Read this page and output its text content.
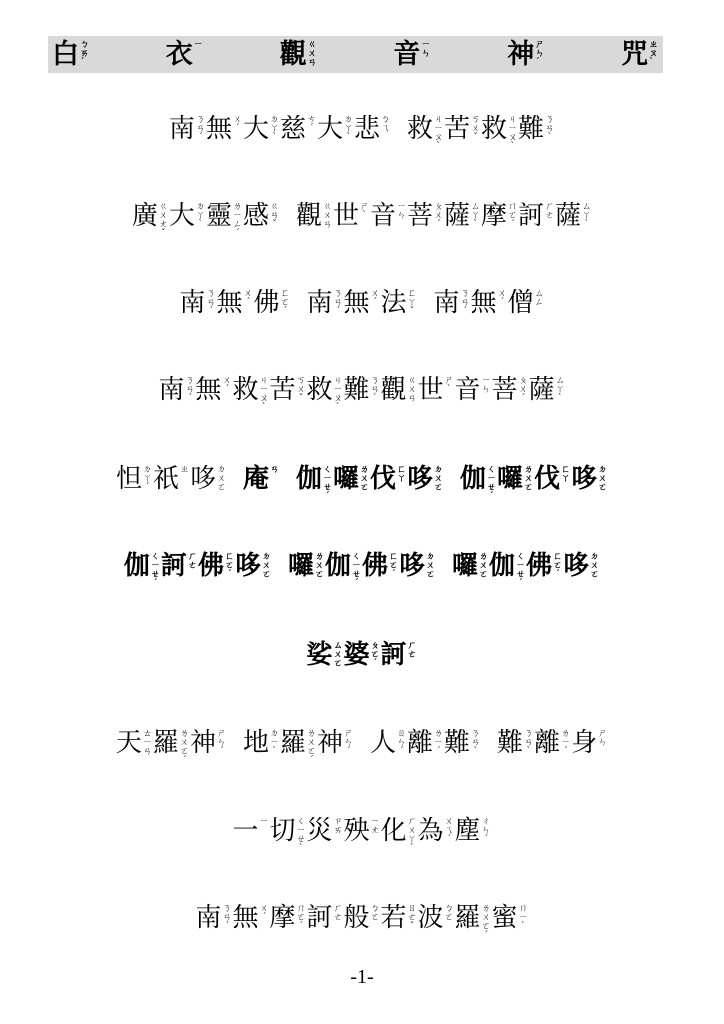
白ㄅㄞˊ	衣ㄧ	觀ㄍㄨㄢ	音ㄧㄣ	神ㄕㄣˊ	咒ㄓㄡˋ
南ㄋㄢˊ 無ㄨˊ 大ㄉㄚˋ 慈ㄘˊ 大ㄉㄚˋ 悲ㄅㄟ 救ㄐㄧㄡˋ苦ㄎㄨˇ 救ㄐㄧㄡˋ難ㄋㄢˋ
廣ㄍㄨㄤˇ大ㄉㄚˋ 靈ㄌㄧㄥˊ感ㄍㄢˇ 觀ㄍㄨㄢ世ㄕˋ 音ㄧㄣ菩ㄆㄨˊ 薩ㄙㄚˋ 摩ㄇㄛˊ 訶ㄏㄜ薩ㄙㄚˋ
南ㄋㄢˊ 無ㄨˊ 佛ㄈㄛˊ 南ㄋㄢˊ 無ㄨˊ 法ㄈㄚˇ 南ㄋㄢˊ 無ㄨˊ 僧ㄙㄥ
南ㄋㄢˊ 無ㄨˊ 救ㄐㄧㄡˋ苦ㄎㄨˇ 救ㄐㄧㄡˋ難ㄋㄢˋ 觀ㄍㄨㄢ世ㄕˋ 音ㄧㄣ菩ㄆㄨˊ 薩ㄙㄚˋ
怛ㄉㄚˊ 祇ㄓ哆ㄉㄨㄛ 庵ㄢ 伽ㄑㄧㄝˊ囉ㄌㄨㄛ伐ㄈㄚ哆ㄉㄨㄛ 伽ㄑㄧㄝˊ囉ㄌㄨㄛ伐ㄈㄚ哆ㄉㄨㄛ
伽ㄑㄧㄝˊ訶ㄏㄜ佛ㄈㄛˊ 哆ㄉㄨㄛ 囉ㄌㄨㄛ伽ㄑㄧㄝˊ佛ㄈㄛˊ 哆ㄉㄨㄛ 囉ㄌㄨㄛ伽ㄑㄧㄝˊ佛ㄈㄛˊ 哆ㄉㄨㄛ
娑ㄙㄨㄛ婆ㄆㄛˊ 訶ㄏㄜ
天ㄊㄧㄢ羅ㄌㄨㄛˊ神ㄕㄣˊ 地ㄉㄧˋ 羅ㄌㄨㄛˊ神ㄕㄣˊ 人ㄖㄣˊ 離ㄌㄧˊ 難ㄋㄢˋ 難ㄋㄢˋ 離ㄌㄧˊ 身ㄕㄣ
一ㄧ切ㄑㄧㄝˋ災ㄗㄞ殃ㄧㄤ化ㄏㄨㄚˋ為ㄨㄟˊ 塵ㄔㄣˊ
南ㄋㄢˊ 無ㄨˊ 摩ㄇㄛˊ 訶ㄏㄜ般ㄅㄛ若ㄖㄜˇ 波ㄅㄛ羅ㄌㄨㄛˊ蜜ㄇㄧˋ
-1-
